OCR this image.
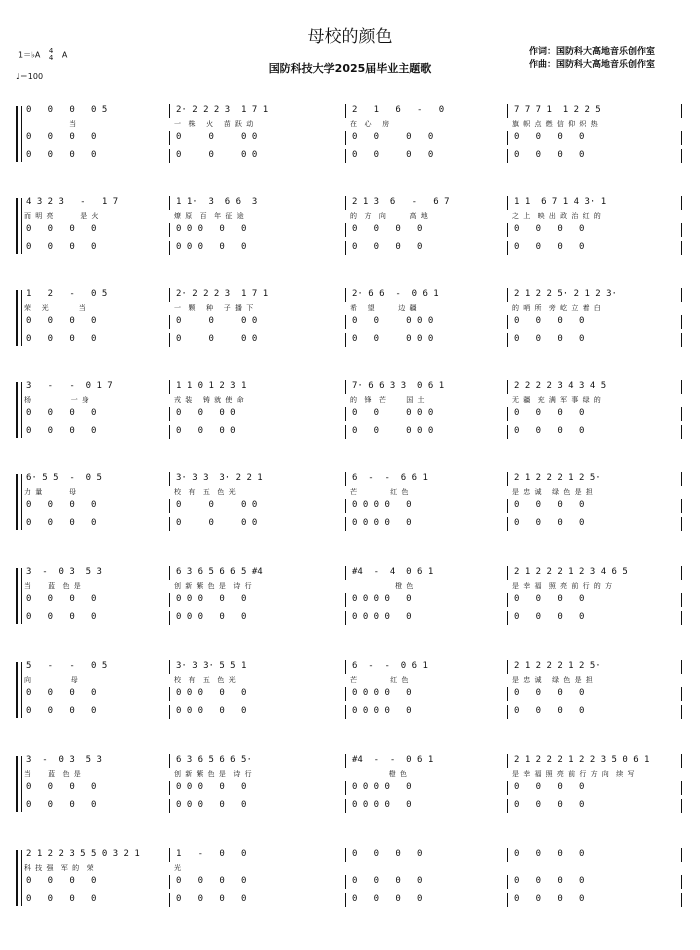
母校的颜色
国防科技大学2025届毕业主题歌
作词：国防科大高地音乐创作室
作曲：国防科大高地音乐创作室
1＝♭A 4
4 A
♩＝100
0   0   0   0 5	2· 2 2 2 3  1 7 1	2   1   6   -   0	7 7 7 1  1 2 2 5
当	一  株   火   苗 跃 动	在  心   房	旗 帜 点 燃 信 仰 炽 热
0   0   0   0	0     0     0 0	0   0     0   0	0   0   0   0
0   0   0   0	0     0     0 0	0   0     0   0	0   0   0   0
4 3 2 3   -   1 7	1 1·  3  6 6  3	2 1 3  6   -   6 7	1 1  6 7 1 4 3· 1
而 明 亮        是 火	燎 原  百  年 征 途	的  方  向       高 地	之 上  映 出 政 治 红 的
0   0   0   0	0 0 0   0   0	0   0   0   0	0   0   0   0
0   0   0   0	0 0 0   0   0	0   0   0   0	0   0   0   0
1   2   -   0 5	2· 2 2 2 3  1 7 1	2· 6 6  -  0 6 1	2 1 2 2 5· 2 1 2 3·
荣   光         当	一  颗   种   子 播 下	希   望       边 疆	的 哨 所  旁 屹 立 着 白
0   0   0   0	0     0     0 0	0   0     0 0 0	0   0   0   0
0   0   0   0	0     0     0 0	0   0     0 0 0	0   0   0   0
3   -   -  0 1 7	1 1 0 1 2 3 1	7· 6 6 3 3  0 6 1	2 2 2 2 3 4 3 4 5
杨            一 身	戎 装   铸 就 使 命	的  锋  芒      国 土	无 疆  充 满 军 事 绿 的
0   0   0   0	0   0   0 0	0   0     0 0 0	0   0   0   0
0   0   0   0	0   0   0 0	0   0     0 0 0	0   0   0   0
6· 5 5  -  0 5	3· 3 3  3· 2 2 1	6  -  -  6 6 1	2 1 2 2 2 1 2 5·
力 量        母	校  有  五  色 光	芒          红 色	是 忠 诚   绿 色 是 担
0   0   0   0	0     0     0 0	0 0 0 0   0	0   0   0   0
0   0   0   0	0     0     0 0	0 0 0 0   0	0   0   0   0
3  -  0 3  5 3	6 3 6 5 6 6 5 #4	#4  -  4  0 6 1	2 1 2 2 2 1 2 3 4 6 5
当     蓝  色 是	创 新 紫 色 是  诗 行	橙 色	是 幸 福  照 亮 前 行 的 方
0   0   0   0	0 0 0   0   0	0 0 0 0   0	0   0   0   0
0   0   0   0	0 0 0   0   0	0 0 0 0   0	0   0   0   0
5   -   -   0 5	3· 3 3· 5 5 1	6  -  -  0 6 1	2 1 2 2 2 1 2 5·
向            母	校  有  五  色 光	芒          红 色	是 忠 诚   绿 色 是 担
0   0   0   0	0 0 0   0   0	0 0 0 0   0	0   0   0   0
0   0   0   0	0 0 0   0   0	0 0 0 0   0	0   0   0   0
3  -  0 3  5 3	6 3 6 5 6 6 5·	#4  -  -  0 6 1	2 1 2 2 2 1 2 2 3 5 0 6 1
当     蓝  色 是	创 新 紫 色 是  诗 行	橙 色	是 幸 福 照 亮 前 行 方 向  续 写
0   0   0   0	0 0 0   0   0	0 0 0 0   0	0   0   0   0
0   0   0   0	0 0 0   0   0	0 0 0 0   0	0   0   0   0
2 1 2 2 3 5 5 0 3 2 1	1   -   0   0	0   0   0   0	0   0   0   0
科 技 强  军 的  荣	光
0   0   0   0	0   0   0   0	0   0   0   0	0   0   0   0
0   0   0   0	0   0   0   0	0   0   0   0	0   0   0   0
